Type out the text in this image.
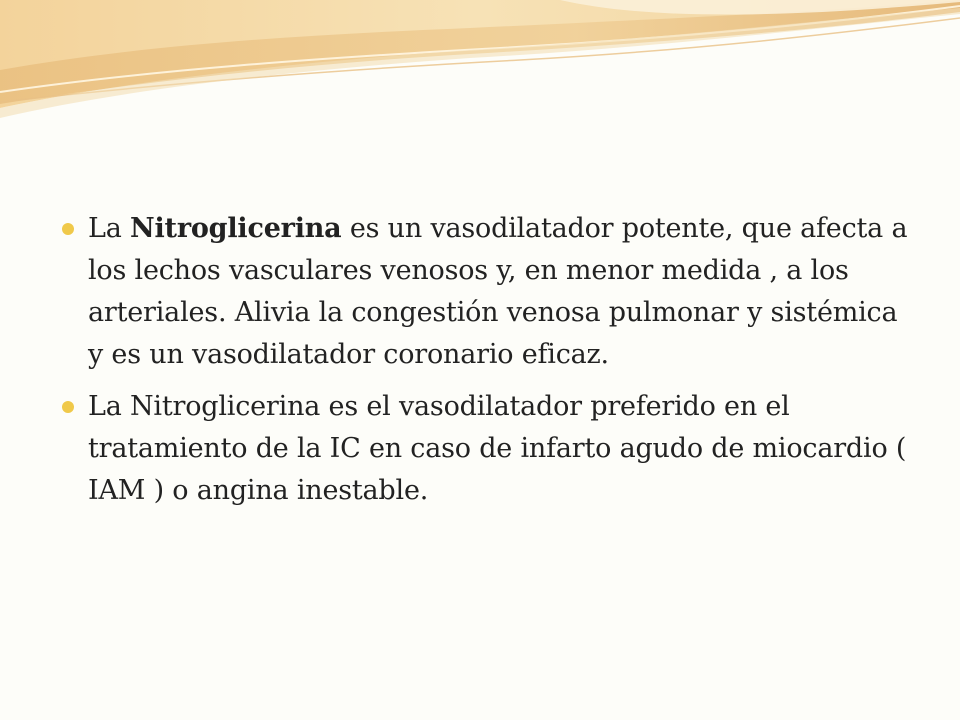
La Nitroglicerina es un vasodilatador potente, que afecta a los lechos vasculares venosos y, en menor medida , a los arteriales. Alivia la congestión venosa pulmonar y sistémica y es un vasodilatador coronario eficaz.
La Nitroglicerina es el vasodilatador preferido en el tratamiento de la IC en caso de infarto agudo de miocardio ( IAM ) o angina inestable.
